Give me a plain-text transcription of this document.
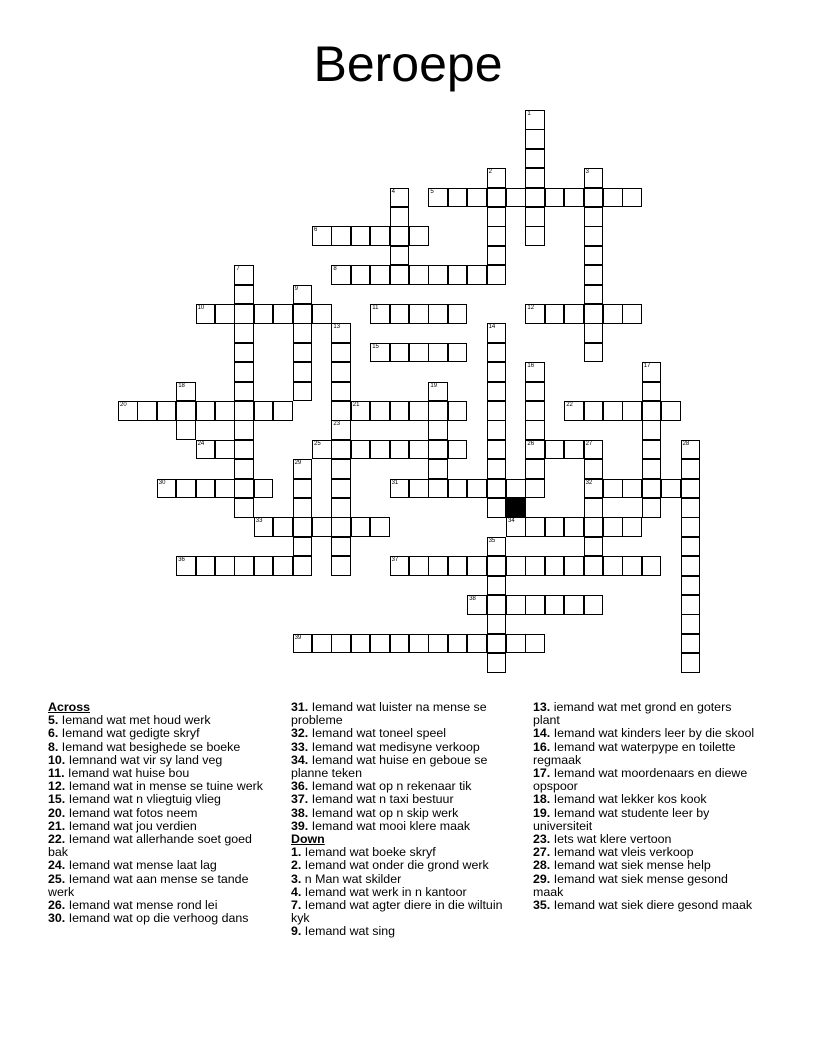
Beroepe
1
2	3
4	5
6
7	8
9
10	11	12
13	14
15
16
26
17
18	19
20	21	22
23
24	25	27
32
28
29
30	31
33	34
35
36	37
38
39
Across
5. Iemand wat met houd werk
6. Iemand wat gedigte skryf
8. Iemand wat besighede se boeke
10. Iemnand wat vir sy land veg
11. Iemand wat huise bou
12. Iemand wat in mense se tuine werk
15. Iemand wat n vliegtuig vlieg
20. Iemand wat fotos neem
21. Iemand wat jou verdien
22. Iemand wat allerhande soet goed bak
24. Iemand wat mense laat lag
25. Iemand wat aan mense se tande werk
26. Iemand wat mense rond lei
30. Iemand wat op die verhoog dans
31. Iemand wat luister na mense se probleme
32. Iemand wat toneel speel
33. Iemand wat medisyne verkoop
34. Iemand wat huise en geboue se planne teken
36. Iemand wat op n rekenaar tik
37. Iemand wat n taxi bestuur
38. Iemand wat op n skip werk
39. Iemand wat mooi klere maak
Down
1. Iemand wat boeke skryf
2. Iemand wat onder die grond werk
3. n Man wat skilder
4. Iemand wat werk in n kantoor
7. Iemand wat agter diere in die wiltuin kyk
9. Iemand wat sing
13. iemand wat met grond en goters plant
14. Iemand wat kinders leer by die skool
16. Iemand wat waterpype en toilette regmaak
17. Iemand wat moordenaars en diewe opspoor
18. Iemand wat lekker kos kook
19. Iemand wat studente leer by universiteit
23. Iets wat klere vertoon
27. Iemand wat vleis verkoop
28. Iemand wat siek mense help
29. Iemand wat siek mense gesond maak
35. Iemand wat siek diere gesond maak
